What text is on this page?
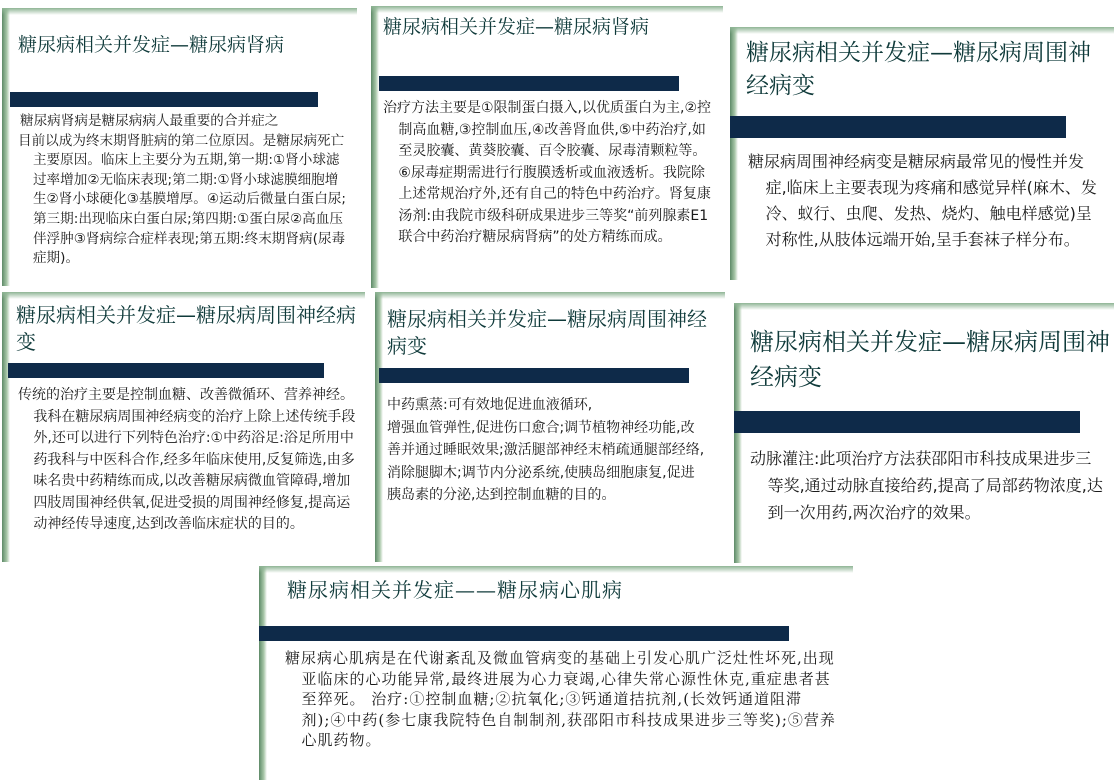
糖尿病相关并发症—糖尿病肾病

糖尿病肾病是糖尿病病人最重要的合并症之

目前以成为终末期肾脏病的第二位原因。是糖尿病死亡主要原因。临床上主要分为五期,第一期:①肾小球滤过率增加②无临床表现;第二期:①肾小球滤膜细胞增生②肾小球硬化③基膜增厚。④运动后微量白蛋白尿;第三期:出现临床白蛋白尿;第四期:①蛋白尿②高血压伴浮肿③肾病综合症样表现;第五期:终末期肾病(尿毒症期)。

糖尿病相关并发症—糖尿病肾病

治疗方法主要是①限制蛋白摄入,以优质蛋白为主,②控制高血糖,③控制血压,④改善肾血供,⑤中药治疗,如至灵胶囊、黄葵胶囊、百令胶囊、尿毒清颗粒等。⑥尿毒症期需进行行腹膜透析或血液透析。我院除上述常规治疗外,还有自己的特色中药治疗。肾复康汤剂:由我院市级科研成果进步三等奖“前列腺素E1联合中药治疗糖尿病肾病”的处方精练而成。

糖尿病相关并发症—糖尿病周围神经病变

糖尿病周围神经病变是糖尿病最常见的慢性并发症,临床上主要表现为疼痛和感觉异样(麻木、发冷、蚁行、虫爬、发热、烧灼、触电样感觉)呈对称性,从肢体远端开始,呈手套袜子样分布。

糖尿病相关并发症—糖尿病周围神经病变

传统的治疗主要是控制血糖、改善微循环、营养神经。我科在糖尿病周围神经病变的治疗上除上述传统手段外,还可以进行下列特色治疗:①中药浴足:浴足所用中药我科与中医科合作,经多年临床使用,反复筛选,由多味名贵中药精练而成,以改善糖尿病微血管障碍,增加四肢周围神经供氧,促进受损的周围神经修复,提高运动神经传导速度,达到改善临床症状的目的。

糖尿病相关并发症—糖尿病周围神经病变

中药熏蒸:可有效地促进血液循环,

增强血管弹性,促进伤口愈合;调节植物神经功能,改善并通过睡眠效果;激活腿部神经末梢疏通腿部经络,消除腿脚木;调节内分泌系统,使胰岛细胞康复,促进胰岛素的分泌,达到控制血糖的目的。

糖尿病相关并发症—糖尿病周围神经病变

动脉灌注:此项治疗方法获邵阳市科技成果进步三等奖,通过动脉直接给药,提高了局部药物浓度,达到一次用药,两次治疗的效果。

糖尿病相关并发症——糖尿病心肌病

糖尿病心肌病是在代谢紊乱及微血管病变的基础上引发心肌广泛灶性坏死,出现亚临床的心功能异常,最终进展为心力衰竭,心律失常心源性休克,重症患者甚至猝死。 治疗:①控制血糖;②抗氧化;③钙通道拮抗剂,(长效钙通道阻滞剂);④中药(参七康我院特色自制制剂,获邵阳市科技成果进步三等奖);⑤营养心肌药物。
